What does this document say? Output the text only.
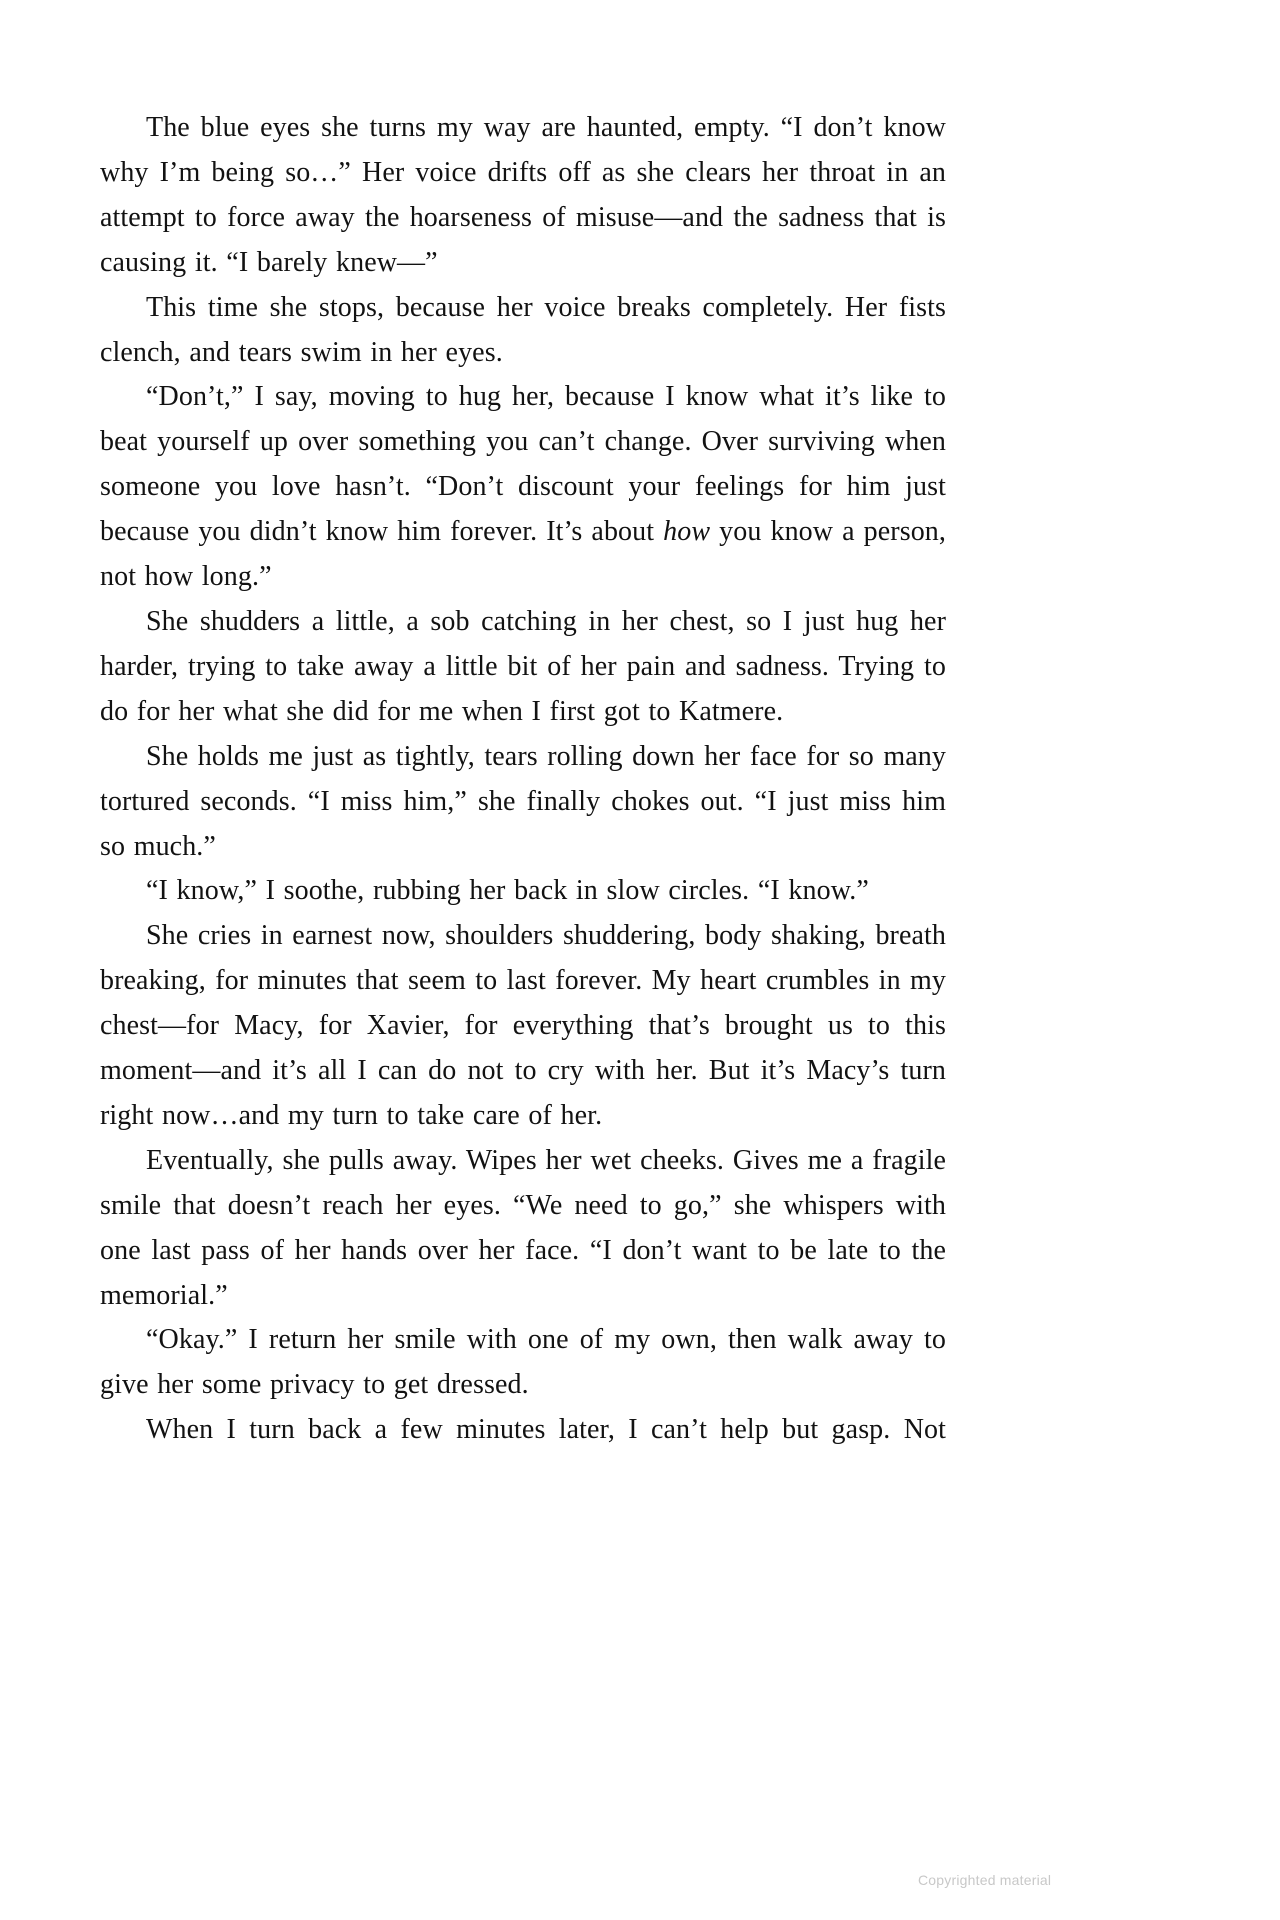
The blue eyes she turns my way are haunted, empty. “I don’t know why I’m being so…” Her voice drifts off as she clears her throat in an attempt to force away the hoarseness of misuse—and the sadness that is causing it. “I barely knew—”

This time she stops, because her voice breaks completely. Her fists clench, and tears swim in her eyes.

“Don’t,” I say, moving to hug her, because I know what it’s like to beat yourself up over something you can’t change. Over surviving when someone you love hasn’t. “Don’t discount your feelings for him just because you didn’t know him forever. It’s about how you know a person, not how long.”

She shudders a little, a sob catching in her chest, so I just hug her harder, trying to take away a little bit of her pain and sadness. Trying to do for her what she did for me when I first got to Katmere.

She holds me just as tightly, tears rolling down her face for so many tortured seconds. “I miss him,” she finally chokes out. “I just miss him so much.”

“I know,” I soothe, rubbing her back in slow circles. “I know.”

She cries in earnest now, shoulders shuddering, body shaking, breath breaking, for minutes that seem to last forever. My heart crumbles in my chest—for Macy, for Xavier, for everything that’s brought us to this moment—and it’s all I can do not to cry with her. But it’s Macy’s turn right now…and my turn to take care of her.

Eventually, she pulls away. Wipes her wet cheeks. Gives me a fragile smile that doesn’t reach her eyes. “We need to go,” she whispers with one last pass of her hands over her face. “I don’t want to be late to the memorial.”

“Okay.” I return her smile with one of my own, then walk away to give her some privacy to get dressed.

When I turn back a few minutes later, I can’t help but gasp. Not

Copyrighted material
